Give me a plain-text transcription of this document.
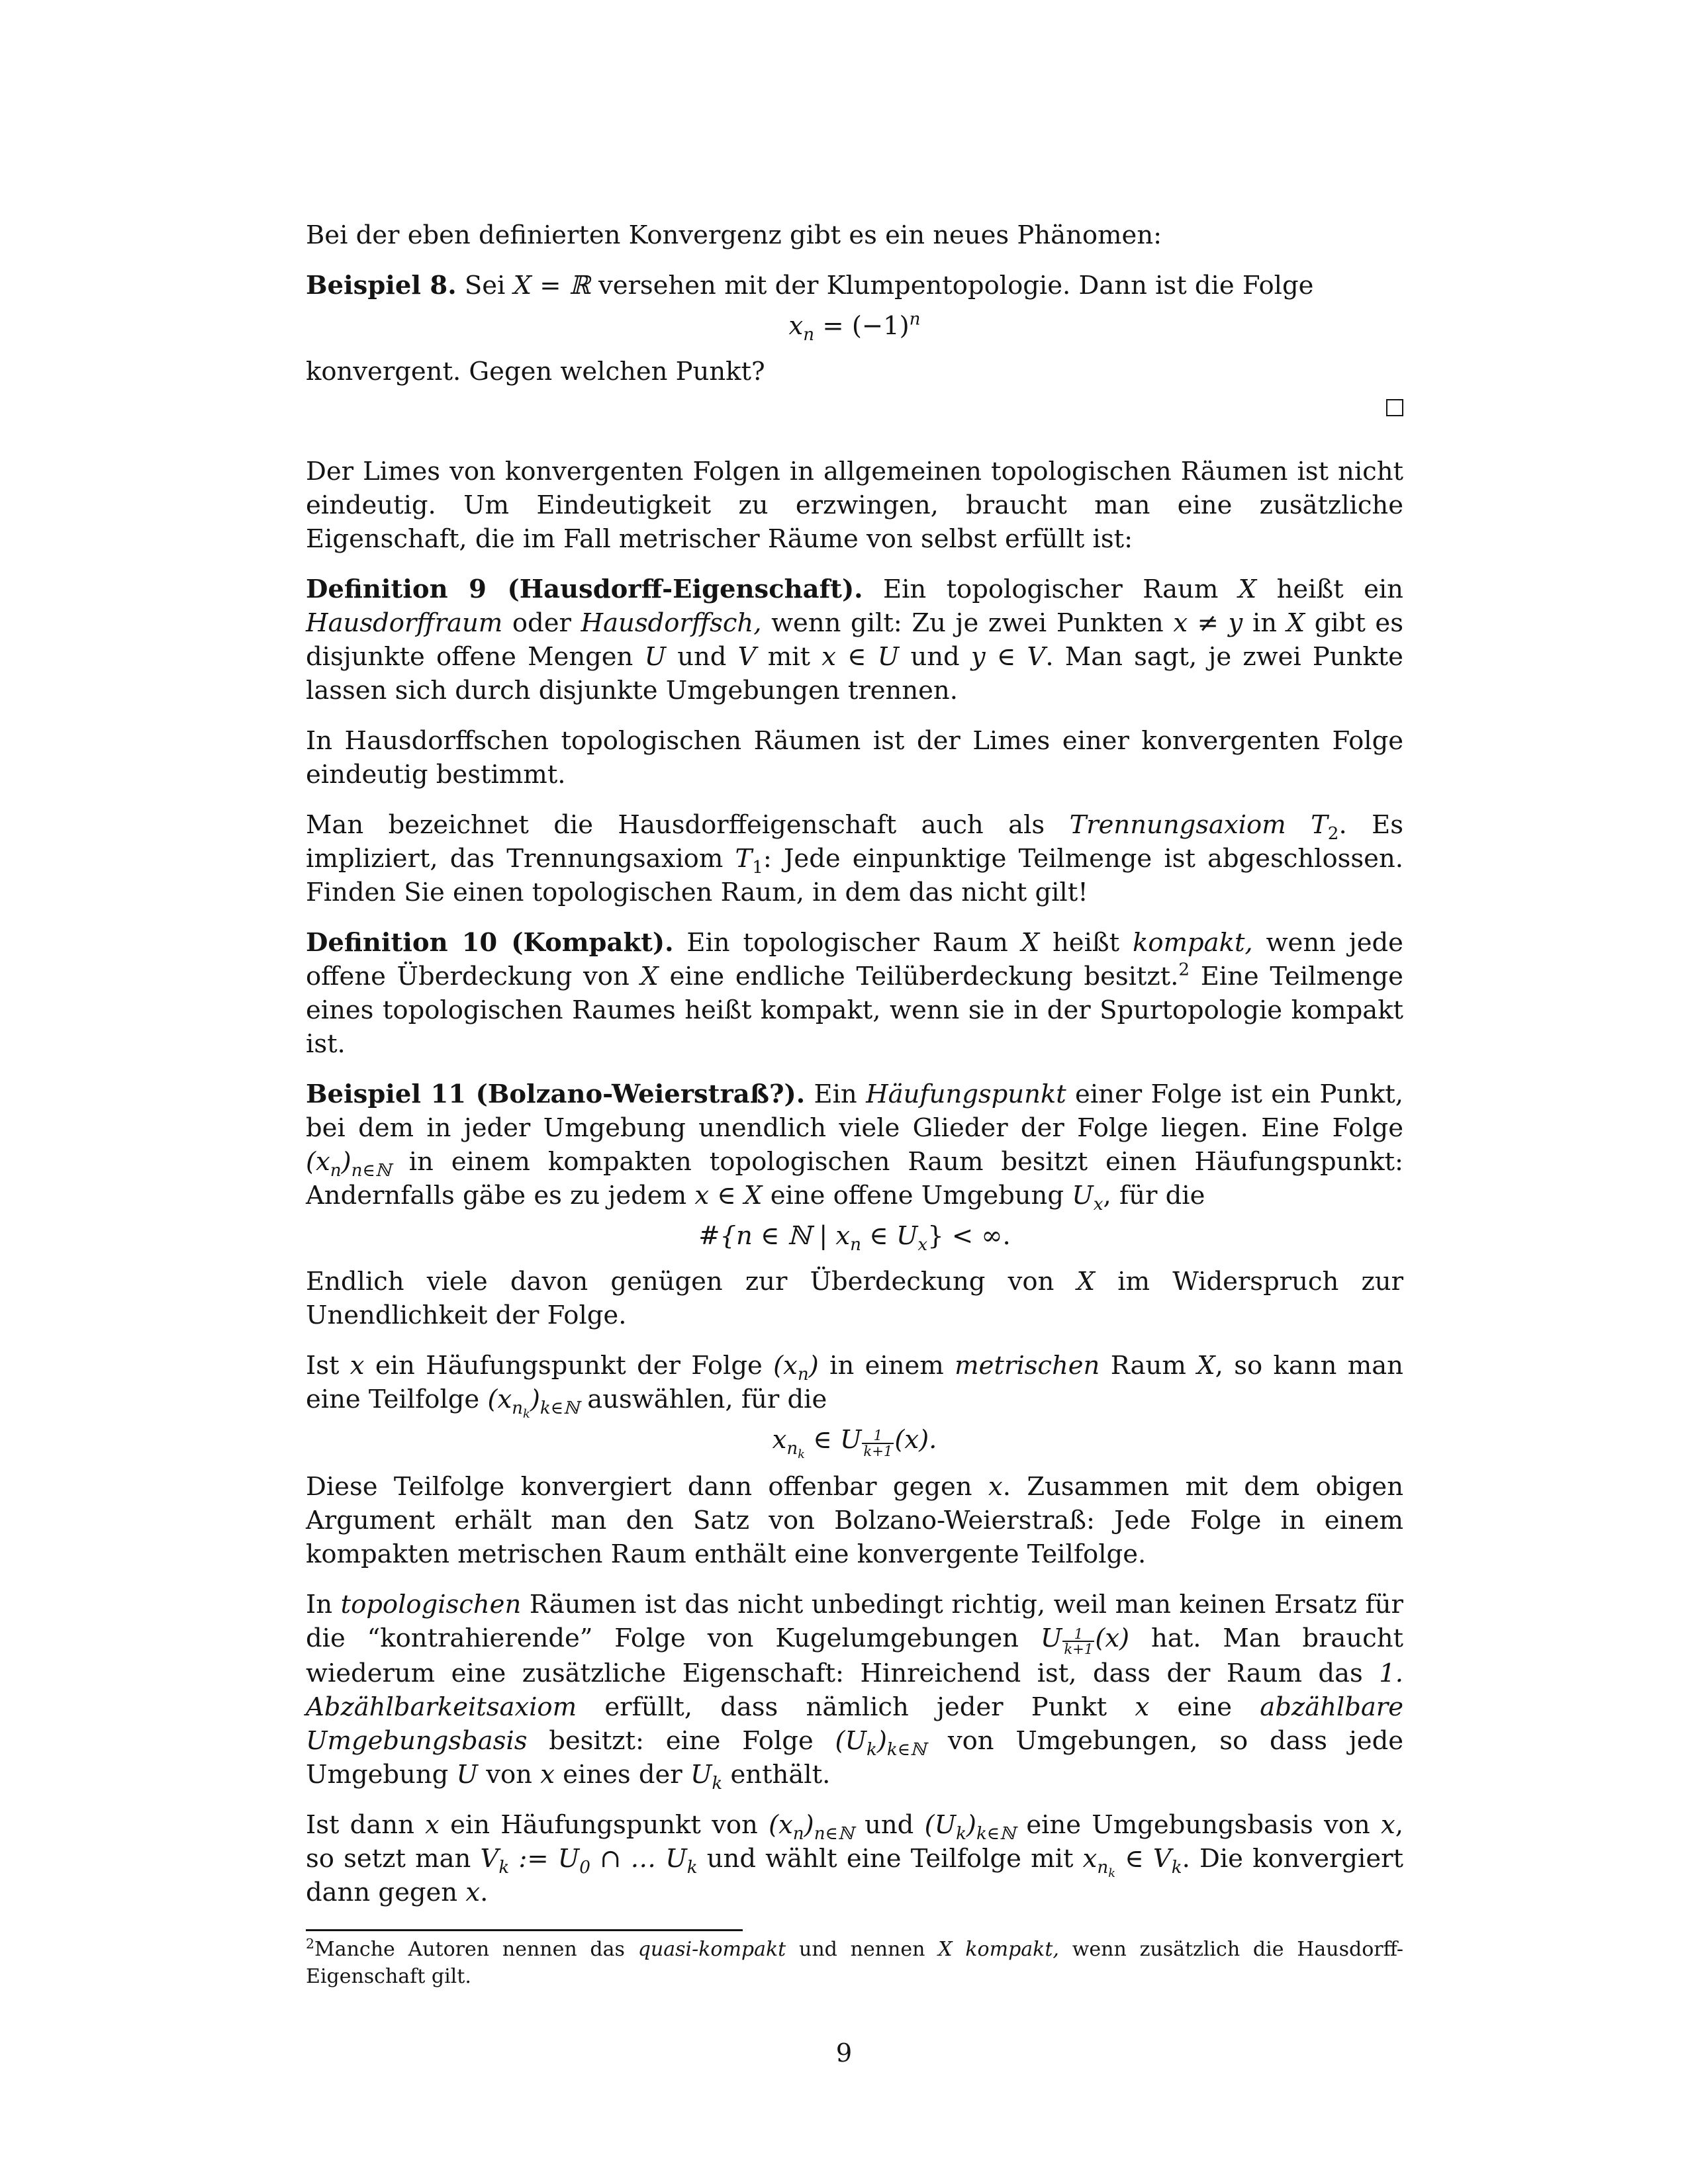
Bei der eben definierten Konvergenz gibt es ein neues Phänomen:

Beispiel 8. Sei X = ℝ versehen mit der Klumpentopologie. Dann ist die Folge

$x_n = (-1)^n$

konvergent. Gegen welchen Punkt?

Der Limes von konvergenten Folgen in allgemeinen topologischen Räumen ist nicht eindeutig. Um Eindeutigkeit zu erzwingen, braucht man eine zusätzliche Eigenschaft, die im Fall metrischer Räume von selbst erfüllt ist:

Definition 9 (Hausdorff-Eigenschaft). Ein topologischer Raum X heißt ein Hausdorffraum oder Hausdorffsch, wenn gilt: Zu je zwei Punkten x ≠ y in X gibt es disjunkte offene Mengen U und V mit x ∈ U und y ∈ V. Man sagt, je zwei Punkte lassen sich durch disjunkte Umgebungen trennen.

In Hausdorffschen topologischen Räumen ist der Limes einer konvergenten Folge eindeutig bestimmt.

Man bezeichnet die Hausdorffeigenschaft auch als Trennungsaxiom $T_2$. Es impliziert, das Trennungsaxiom $T_1$: Jede einpunktige Teilmenge ist abgeschlossen. Finden Sie einen topologischen Raum, in dem das nicht gilt!

Definition 10 (Kompakt). Ein topologischer Raum X heißt kompakt, wenn jede offene Überdeckung von X eine endliche Teilüberdeckung besitzt.$^2$ Eine Teilmenge eines topologischen Raumes heißt kompakt, wenn sie in der Spurtopologie kompakt ist.

Beispiel 11 (Bolzano-Weierstraß?). Ein Häufungspunkt einer Folge ist ein Punkt, bei dem in jeder Umgebung unendlich viele Glieder der Folge liegen. Eine Folge $(x_n)_{n\in ℕ}$ in einem kompakten topologischen Raum besitzt einen Häufungspunkt: Andernfalls gäbe es zu jedem x ∈ X eine offene Umgebung $U_x$, für die

#{n ∈ ℕ | $x_n$ ∈ $U_x$} < ∞.

Endlich viele davon genügen zur Überdeckung von X im Widerspruch zur Unendlichkeit der Folge.

Ist x ein Häufungspunkt der Folge $(x_n)$ in einem metrischen Raum X, so kann man eine Teilfolge $(x_{n_k})_{k\in ℕ}$ auswählen, für die

$x_{n_k}$ ∈ U $\frac{1}{k+1} (x)$.

Diese Teilfolge konvergiert dann offenbar gegen x. Zusammen mit dem obigen Argument erhält man den Satz von Bolzano-Weierstraß: Jede Folge in einem kompakten metrischen Raum enthält eine konvergente Teilfolge.

In topologischen Räumen ist das nicht unbedingt richtig, weil man keinen Ersatz für die “kontrahierende” Folge von Kugelumgebungen U $\frac{1}{k+1} (x)$ hat. Man braucht wiederum eine zusätzliche Eigenschaft: Hinreichend ist, dass der Raum das 1. Abzählbarkeitsaxiom erfüllt, dass nämlich jeder Punkt x eine abzählbare Umgebungsbasis besitzt: eine Folge $(U_k)_{k\in ℕ}$ von Umgebungen, so dass jede Umgebung U von x eines der $U_k$ enthält.

Ist dann x ein Häufungspunkt von $(x_n)_{n\in ℕ}$ und $(U_k)_{k\in ℕ}$ eine Umgebungsbasis von x, so setzt man $V_k$ := $U_0$ ∩ … $U_k$ und wählt eine Teilfolge mit $x_{n_k}$ ∈ $V_k$. Die konvergiert dann gegen x.

$^2$Manche Autoren nennen das quasi-kompakt und nennen X kompakt, wenn zusätzlich die Hausdorff-Eigenschaft gilt.
9
